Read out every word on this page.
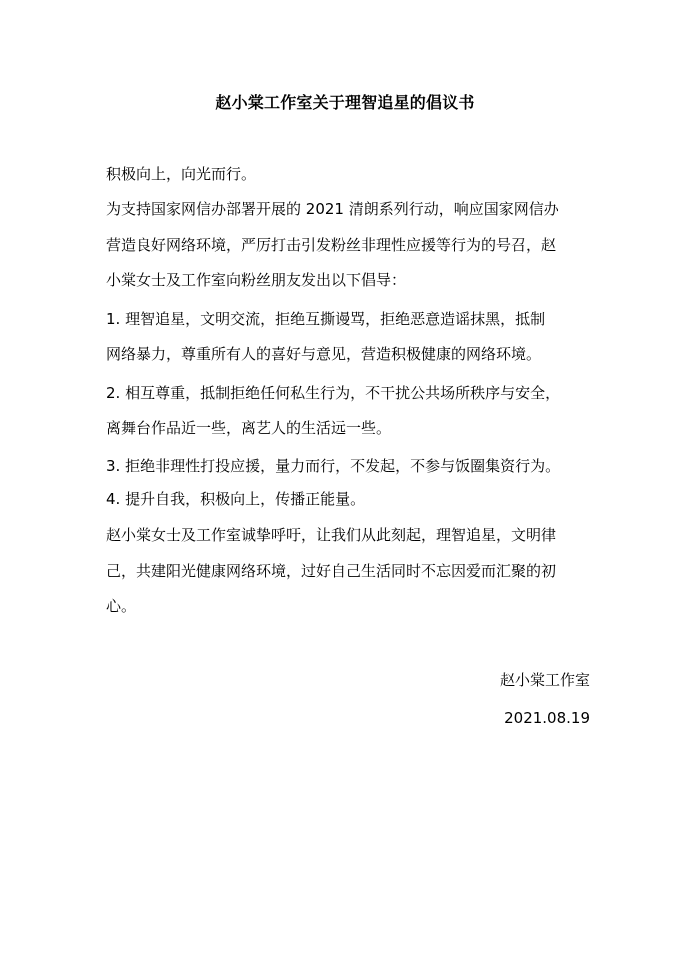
赵小棠工作室关于理智追星的倡议书
积极向上，向光而行。
为支持国家网信办部署开展的 2021 清朗系列行动，响应国家网信办
营造良好网络环境，严厉打击引发粉丝非理性应援等行为的号召，赵
小棠女士及工作室向粉丝朋友发出以下倡导：
1. 理智追星，文明交流，拒绝互撕谩骂，拒绝恶意造谣抹黑，抵制
网络暴力，尊重所有人的喜好与意见，营造积极健康的网络环境。
2. 相互尊重，抵制拒绝任何私生行为，不干扰公共场所秩序与安全，
离舞台作品近一些，离艺人的生活远一些。
3. 拒绝非理性打投应援，量力而行，不发起，不参与饭圈集资行为。
4. 提升自我，积极向上，传播正能量。
赵小棠女士及工作室诚挚呼吁，让我们从此刻起，理智追星，文明律
己，共建阳光健康网络环境，过好自己生活同时不忘因爱而汇聚的初
心。
赵小棠工作室
2021.08.19
